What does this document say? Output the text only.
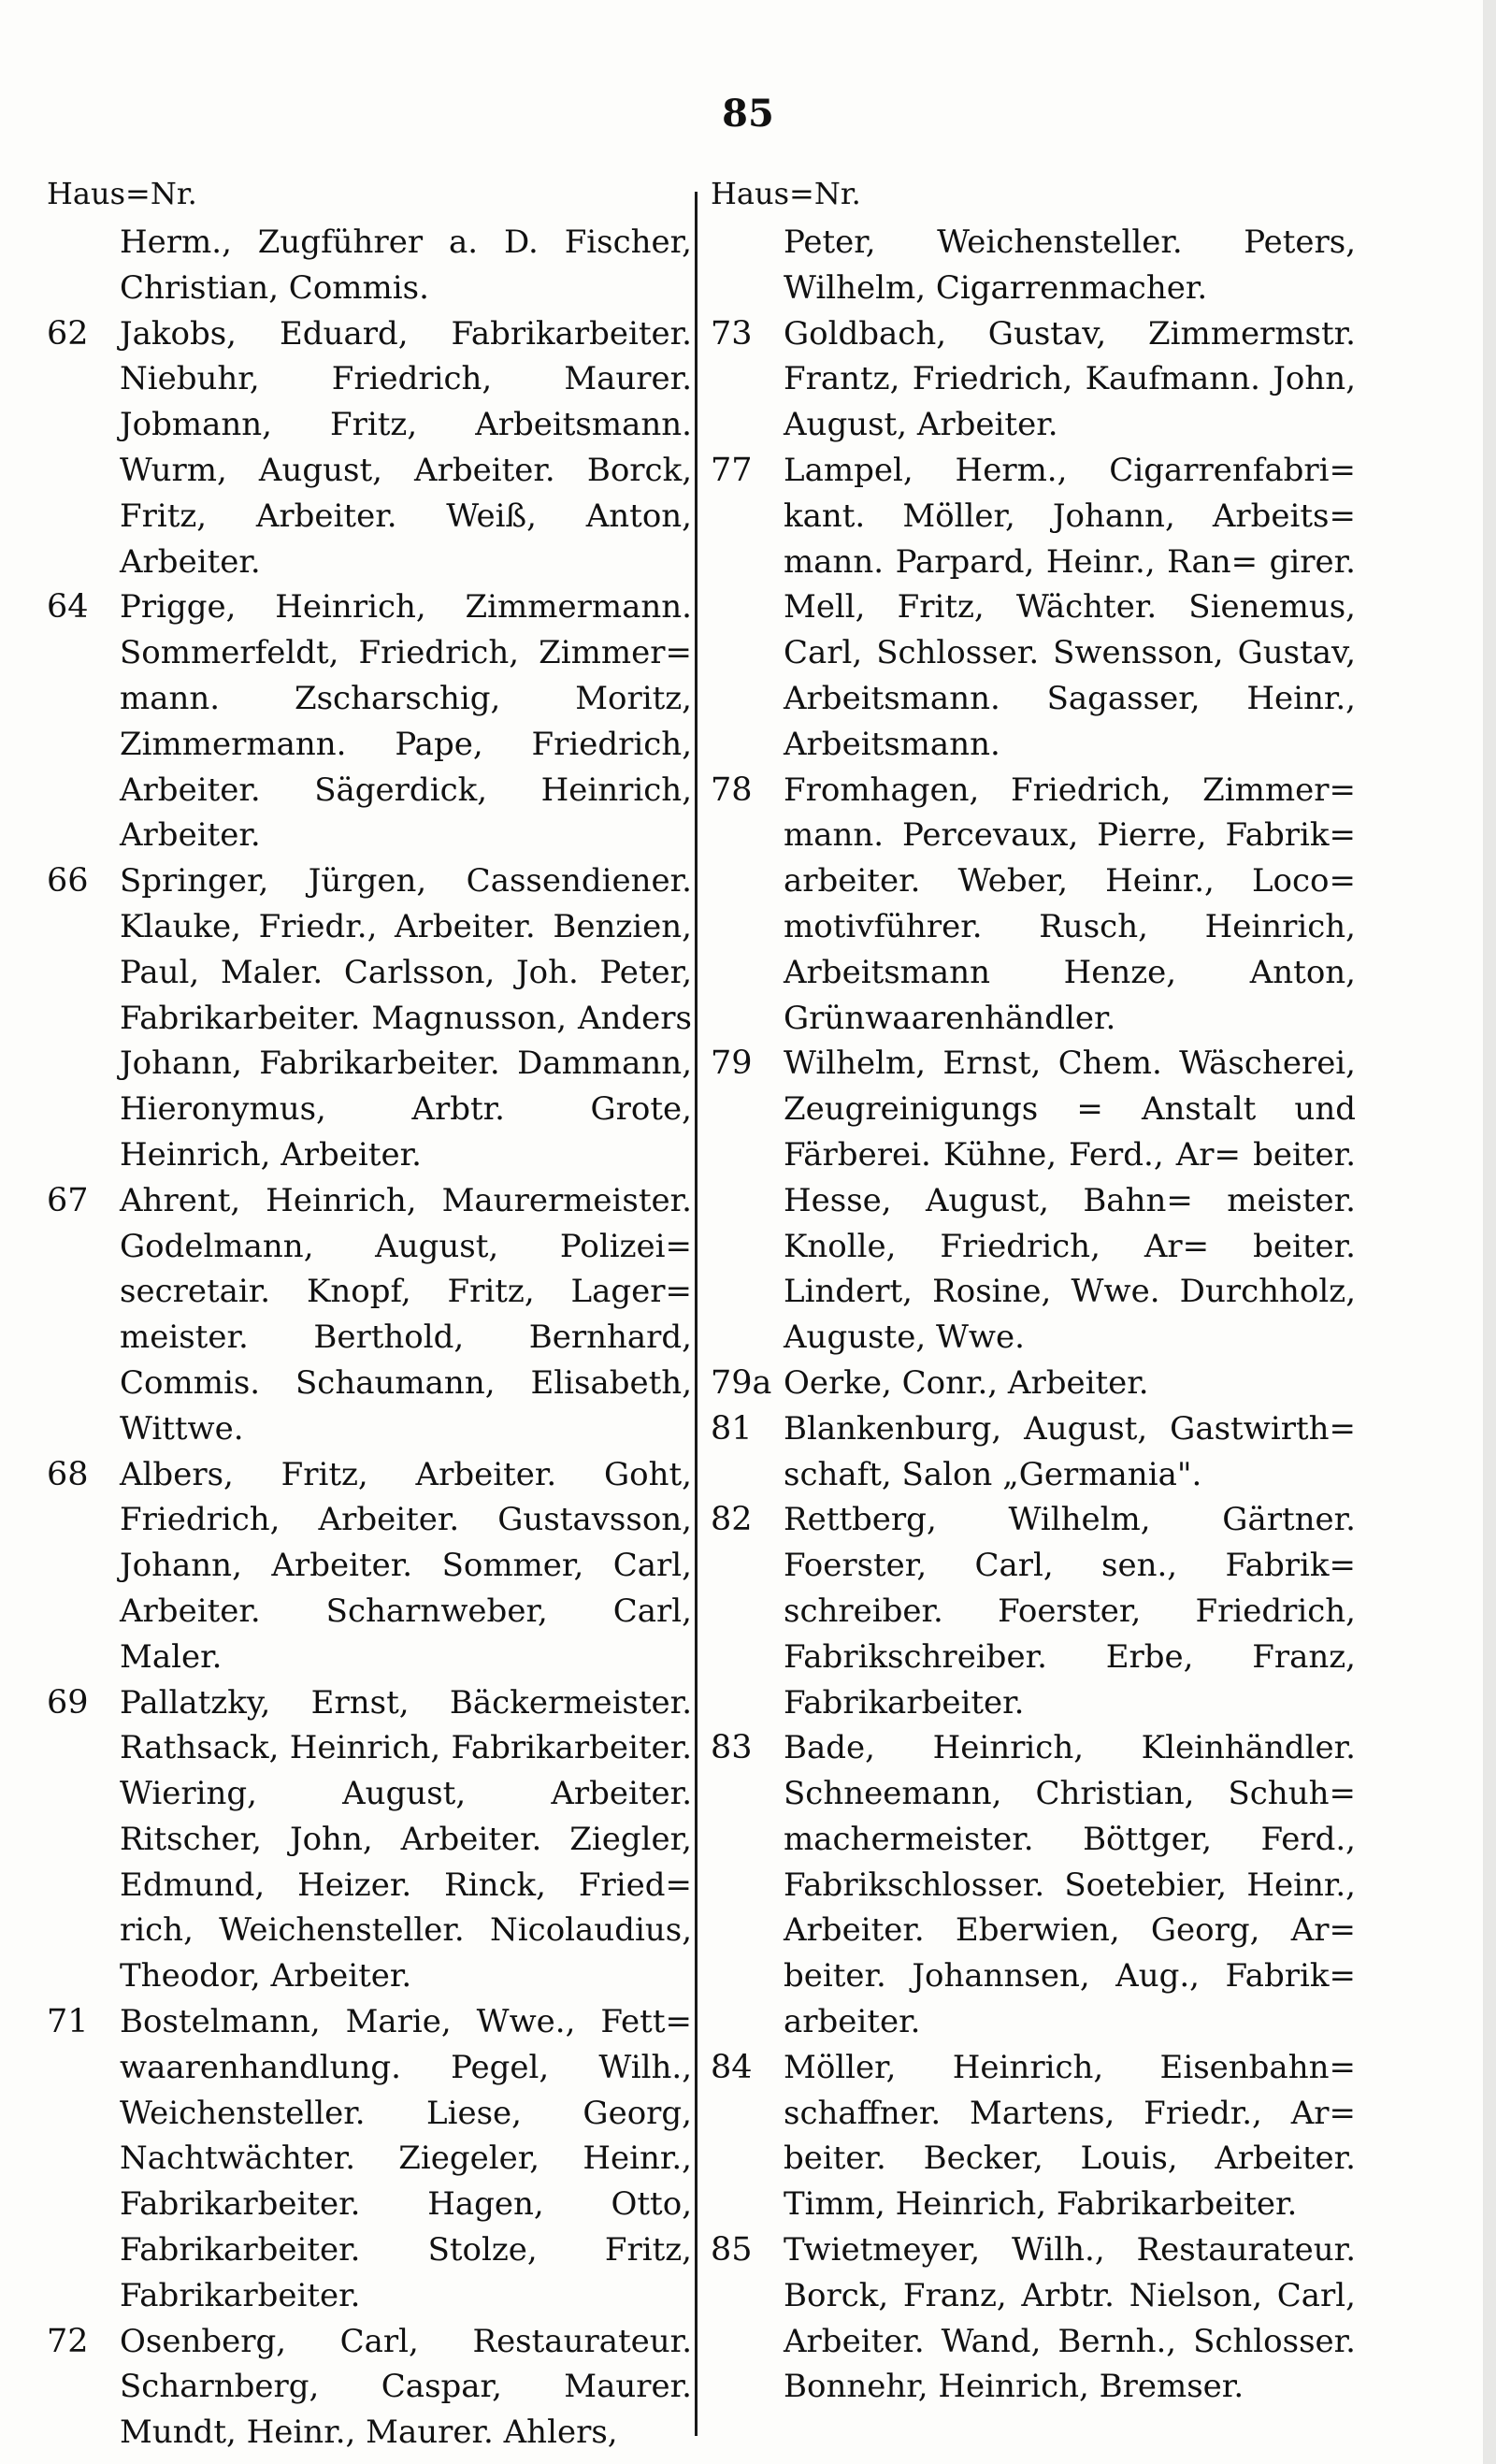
85
Haus=Nr.
Herm., Zugführer a. D. Fischer, Christian, Commis.
62 Jakobs, Eduard, Fabrikarbeiter. Niebuhr, Friedrich, Maurer. Jobmann, Fritz, Arbeitsmann. Wurm, August, Arbeiter. Borck, Fritz, Arbeiter. Weiß, Anton, Arbeiter.
64 Prigge, Heinrich, Zimmermann. Sommerfeldt, Friedrich, Zimmer= mann. Zscharschig, Moritz, Zimmermann. Pape, Friedrich, Arbeiter. Sägerdick, Heinrich, Arbeiter.
66 Springer, Jürgen, Cassendiener. Klauke, Friedr., Arbeiter. Benzien, Paul, Maler. Carlsson, Joh. Peter, Fabrikarbeiter. Magnusson, Anders Johann, Fabrikarbeiter. Dammann, Hieronymus, Arbtr. Grote, Heinrich, Arbeiter.
67 Ahrent, Heinrich, Maurermeister. Godelmann, August, Polizei= secretair. Knopf, Fritz, Lager= meister. Berthold, Bernhard, Commis. Schaumann, Elisabeth, Wittwe.
68 Albers, Fritz, Arbeiter. Goht, Friedrich, Arbeiter. Gustavsson, Johann, Arbeiter. Sommer, Carl, Arbeiter. Scharnweber, Carl, Maler.
69 Pallatzky, Ernst, Bäckermeister. Rathsack, Heinrich, Fabrikarbeiter. Wiering, August, Arbeiter. Ritscher, John, Arbeiter. Ziegler, Edmund, Heizer. Rinck, Fried= rich, Weichensteller. Nicolaudius, Theodor, Arbeiter.
71 Bostelmann, Marie, Wwe., Fett= waarenhandlung. Pegel, Wilh., Weichensteller. Liese, Georg, Nachtwächter. Ziegeler, Heinr., Fabrikarbeiter. Hagen, Otto, Fabrikarbeiter. Stolze, Fritz, Fabrikarbeiter.
72 Osenberg, Carl, Restaurateur. Scharnberg, Caspar, Maurer. Mundt, Heinr., Maurer. Ahlers,
Haus=Nr.
Peter, Weichensteller. Peters, Wilhelm, Cigarrenmacher.
73 Goldbach, Gustav, Zimmermstr. Frantz, Friedrich, Kaufmann. John, August, Arbeiter.
77 Lampel, Herm., Cigarrenfabri= kant. Möller, Johann, Arbeits= mann. Parpard, Heinr., Ran= girer. Mell, Fritz, Wächter. Sienemus, Carl, Schlosser. Swensson, Gustav, Arbeitsmann. Sagasser, Heinr., Arbeitsmann.
78 Fromhagen, Friedrich, Zimmer= mann. Percevaux, Pierre, Fabrik= arbeiter. Weber, Heinr., Loco= motivführer. Rusch, Heinrich, Arbeitsmann Henze, Anton, Grünwaarenhändler.
79 Wilhelm, Ernst, Chem. Wäscherei, Zeugreinigungs = Anstalt und Färberei. Kühne, Ferd., Ar= beiter. Hesse, August, Bahn= meister. Knolle, Friedrich, Ar= beiter. Lindert, Rosine, Wwe. Durchholz, Auguste, Wwe.
79a Oerke, Conr., Arbeiter.
81 Blankenburg, August, Gastwirth= schaft, Salon „Germania".
82 Rettberg, Wilhelm, Gärtner. Foerster, Carl, sen., Fabrik= schreiber. Foerster, Friedrich, Fabrikschreiber. Erbe, Franz, Fabrikarbeiter.
83 Bade, Heinrich, Kleinhändler. Schneemann, Christian, Schuh= machermeister. Böttger, Ferd., Fabrikschlosser. Soetebier, Heinr., Arbeiter. Eberwien, Georg, Ar= beiter. Johannsen, Aug., Fabrik= arbeiter.
84 Möller, Heinrich, Eisenbahn= schaffner. Martens, Friedr., Ar= beiter. Becker, Louis, Arbeiter. Timm, Heinrich, Fabrikarbeiter.
85 Twietmeyer, Wilh., Restaurateur. Borck, Franz, Arbtr. Nielson, Carl, Arbeiter. Wand, Bernh., Schlosser. Bonnehr, Heinrich, Bremser.
